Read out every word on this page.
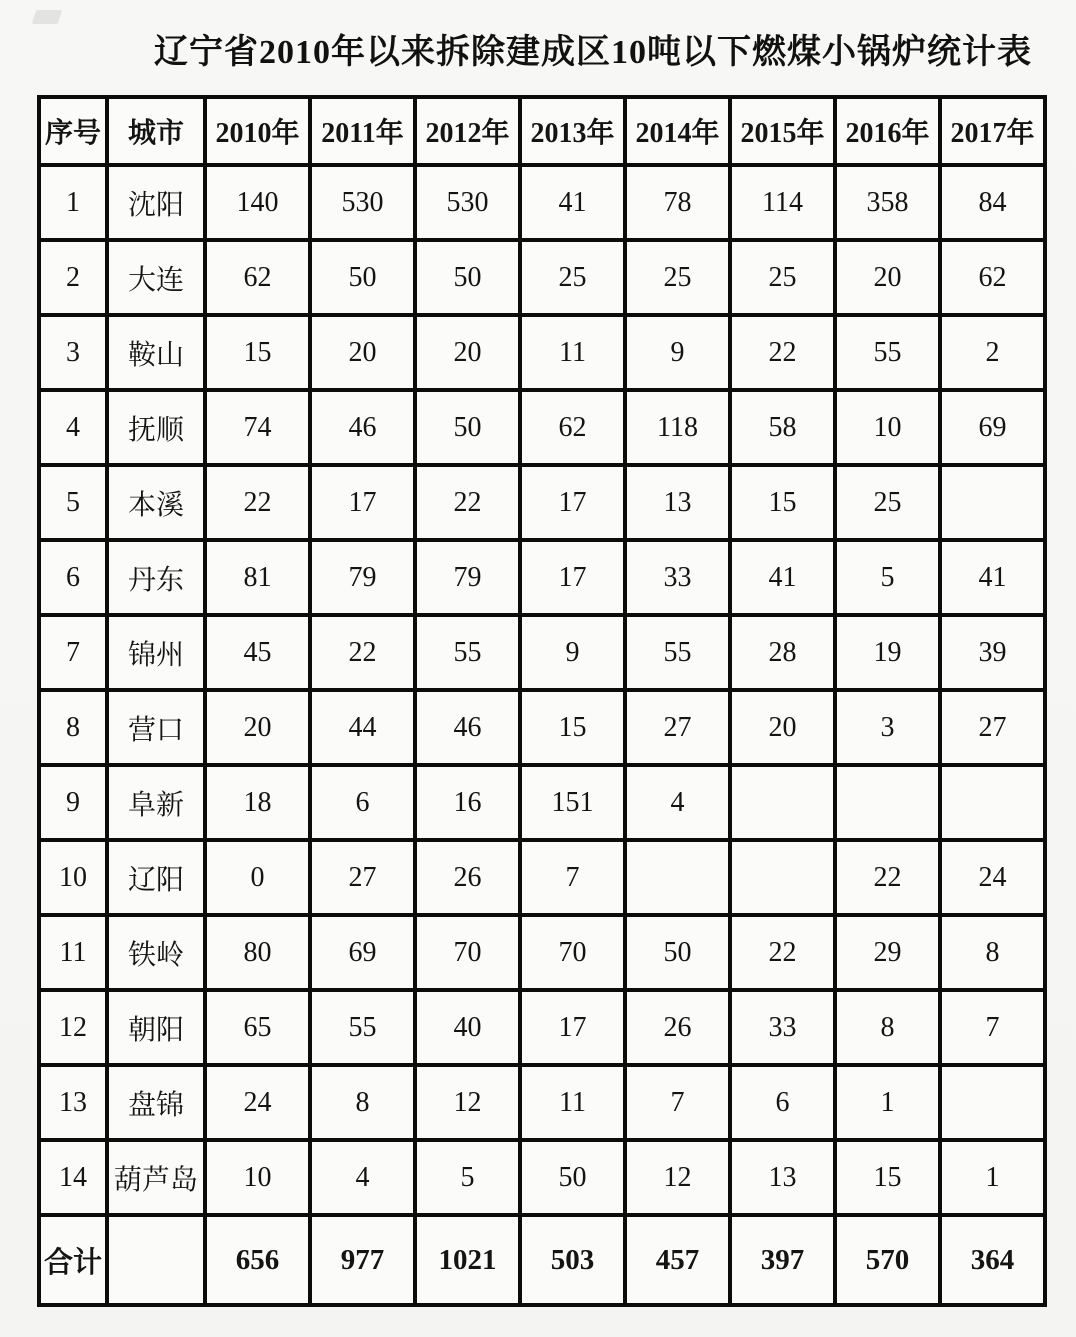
辽宁省2010年以来拆除建成区10吨以下燃煤小锅炉统计表
序号	城市	2010年	2011年	2012年	2013年	2014年	2015年	2016年	2017年
1	沈阳	140	530	530	41	78	114	358	84
2	大连	62	50	50	25	25	25	20	62
3	鞍山	15	20	20	11	9	22	55	2
4	抚顺	74	46	50	62	118	58	10	69
5	本溪	22	17	22	17	13	15	25	
6	丹东	81	79	79	17	33	41	5	41
7	锦州	45	22	55	9	55	28	19	39
8	营口	20	44	46	15	27	20	3	27
9	阜新	18	6	16	151	4			
10	辽阳	0	27	26	7			22	24
11	铁岭	80	69	70	70	50	22	29	8
12	朝阳	65	55	40	17	26	33	8	7
13	盘锦	24	8	12	11	7	6	1	
14	葫芦岛	10	4	5	50	12	13	15	1
合计		656	977	1021	503	457	397	570	364
